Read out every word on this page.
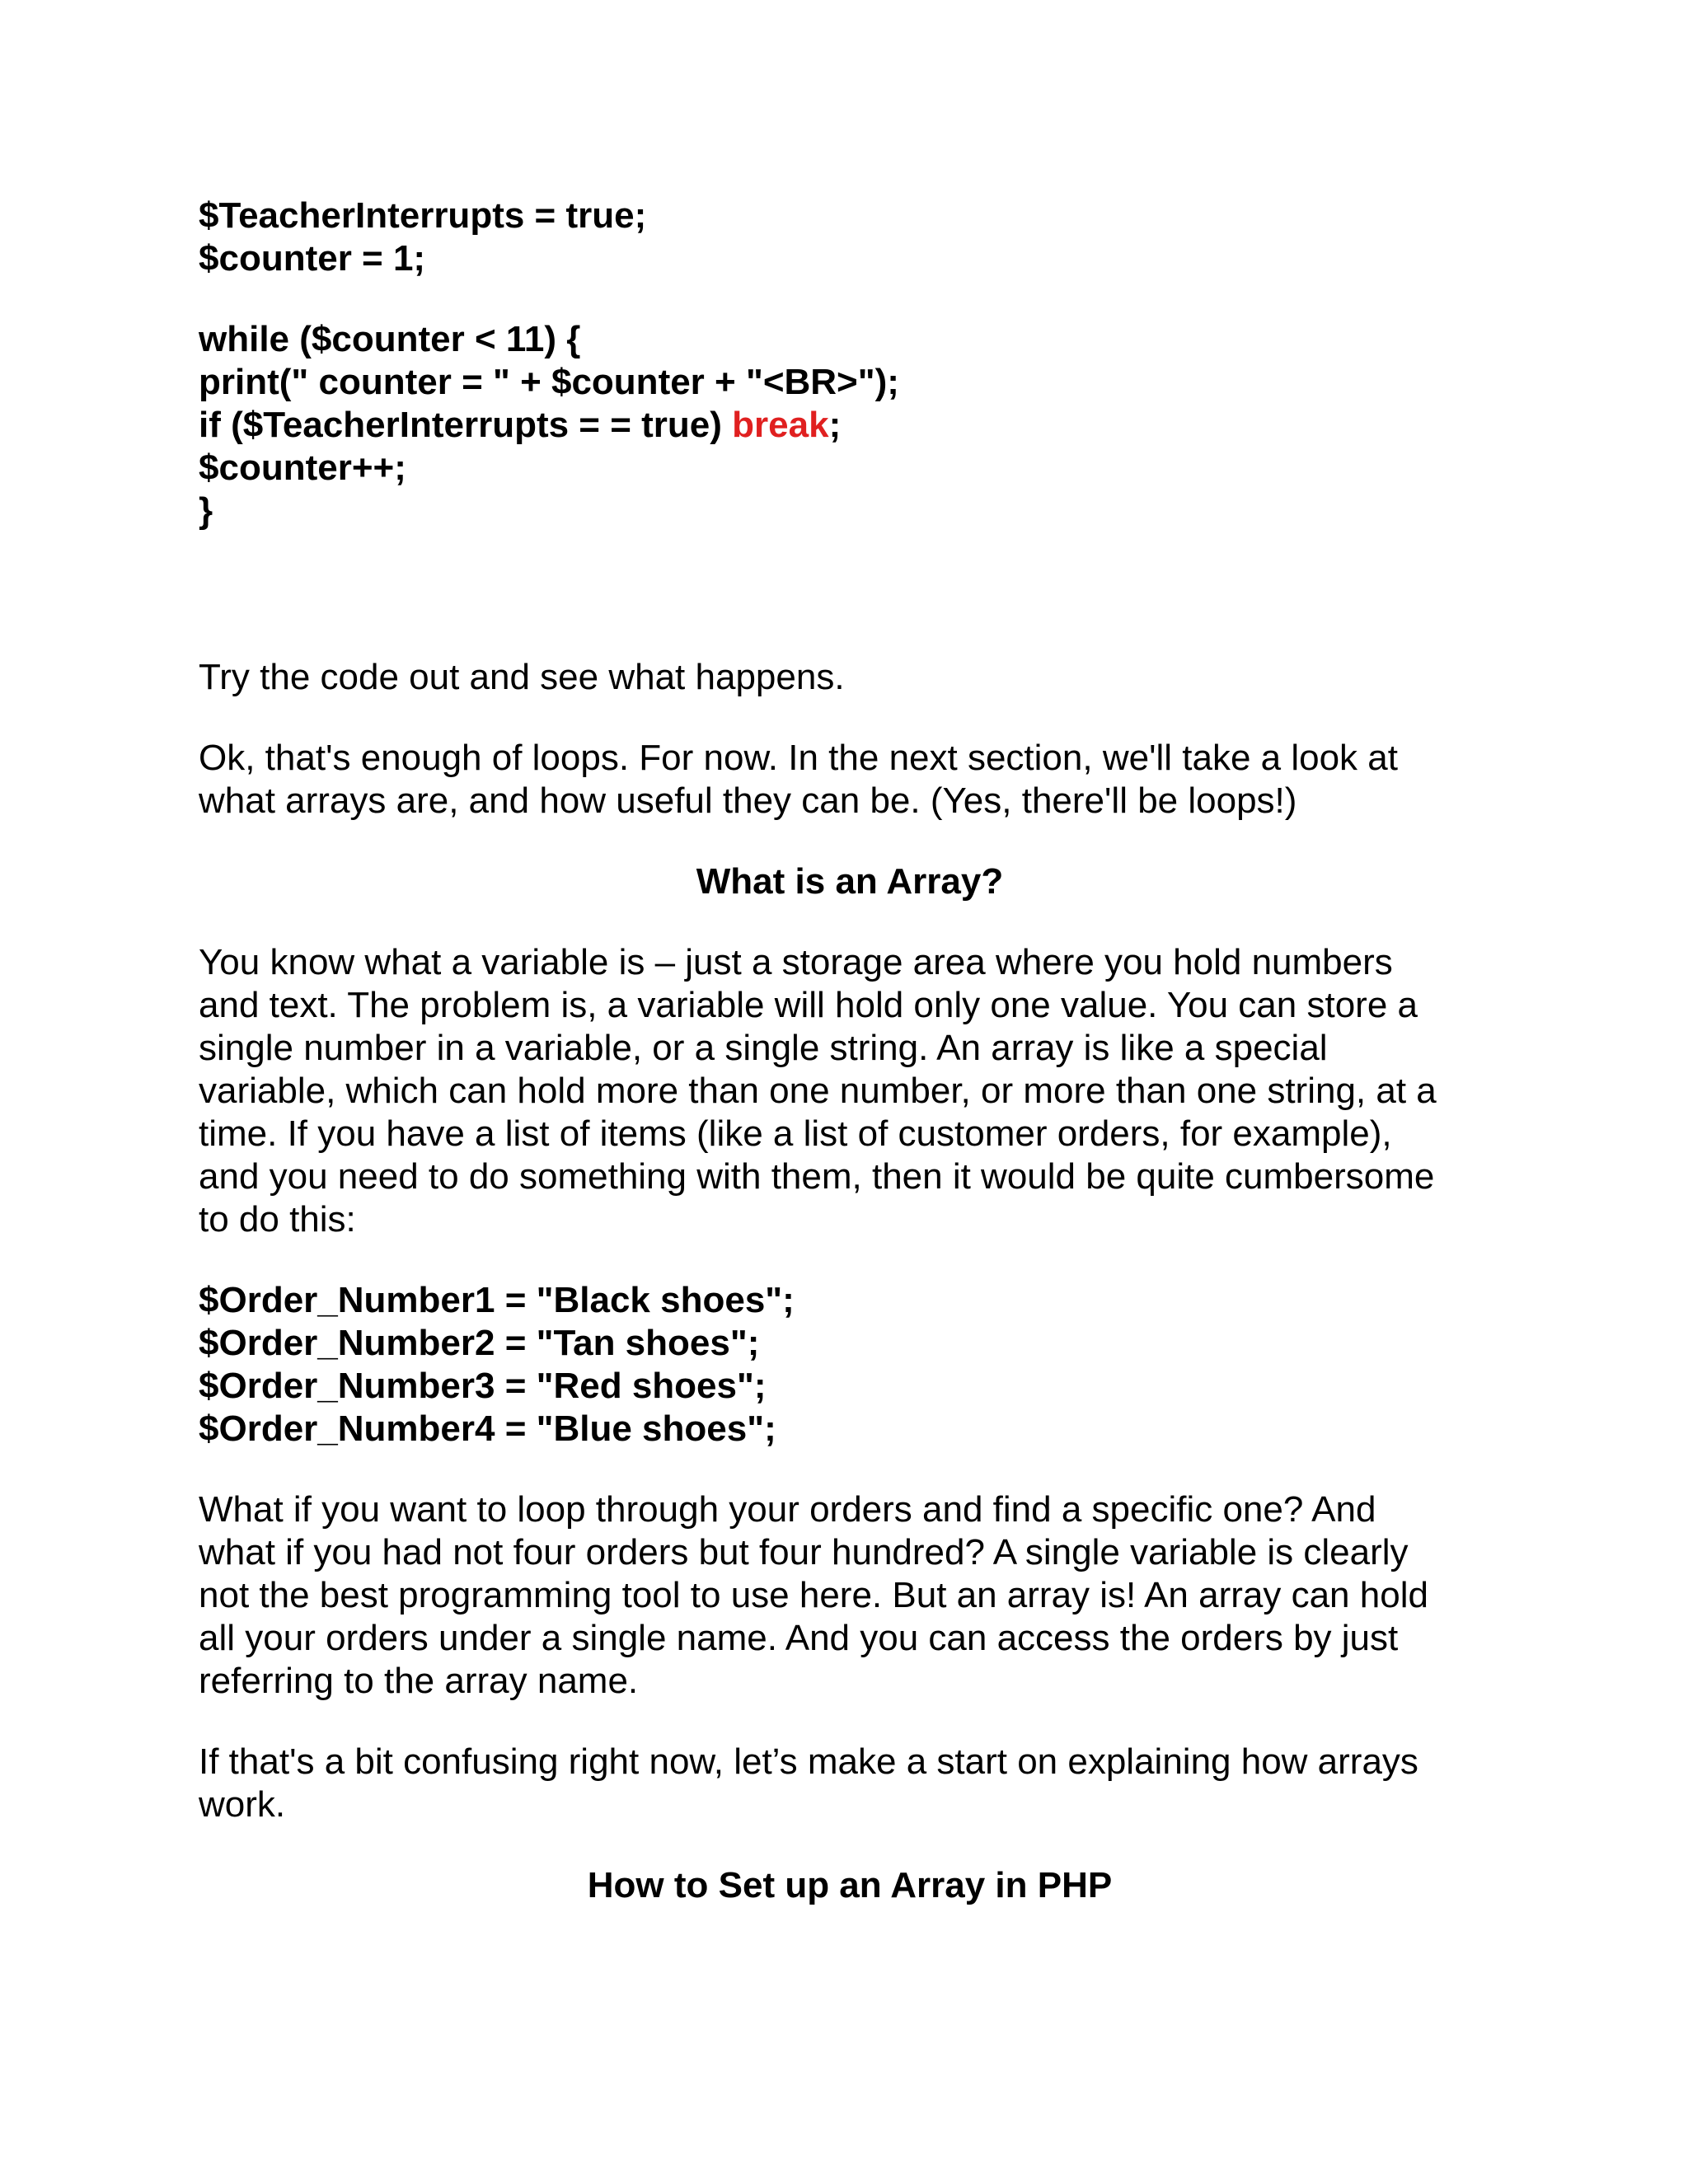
$TeacherInterrupts = true;
$counter = 1;
while ($counter < 11) {
print(" counter = " + $counter + "<BR>");
if ($TeacherInterrupts = = true) break;
$counter++;
}
Try the code out and see what happens.
Ok, that's enough of loops. For now. In the next section, we'll take a look at
what arrays are, and how useful they can be. (Yes, there'll be loops!)
What is an Array?
You know what a variable is – just a storage area where you hold numbers
and text. The problem is, a variable will hold only one value. You can store a
single number in a variable, or a single string. An array is like a special
variable, which can hold more than one number, or more than one string, at a
time. If you have a list of items (like a list of customer orders, for example),
and you need to do something with them, then it would be quite cumbersome
to do this:
$Order_Number1 = "Black shoes";
$Order_Number2 = "Tan shoes";
$Order_Number3 = "Red shoes";
$Order_Number4 = "Blue shoes";
What if you want to loop through your orders and find a specific one? And
what if you had not four orders but four hundred? A single variable is clearly
not the best programming tool to use here. But an array is! An array can hold
all your orders under a single name. And you can access the orders by just
referring to the array name.
If that's a bit confusing right now, let’s make a start on explaining how arrays
work.
How to Set up an Array in PHP
